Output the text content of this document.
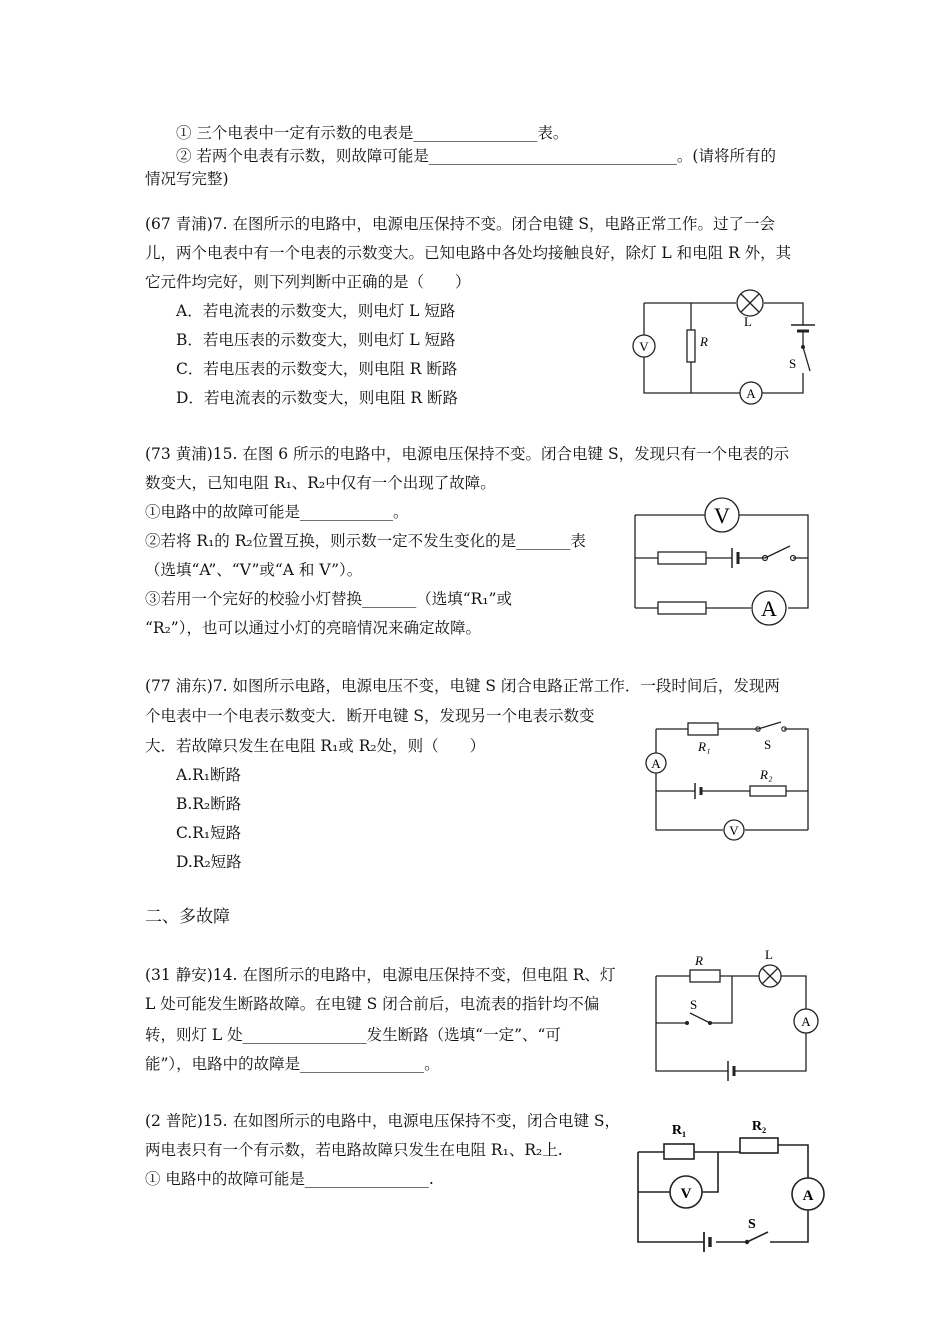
① 三个电表中一定有示数的电表是________________表。
② 若两个电表有示数，则故障可能是________________________________。(请将所有的
情况写完整)
(67 青浦)7. 在图所示的电路中，电源电压保持不变。闭合电键 S，电路正常工作。过了一会
儿，两个电表中有一个电表的示数变大。已知电路中各处均接触良好，除灯 L 和电阻 R 外，其
它元件均完好，则下列判断中正确的是（　　）
A．若电流表的示数变大，则电灯 L 短路
B．若电压表的示数变大，则电灯 L 短路
C．若电压表的示数变大，则电阻 R 断路
D．若电流表的示数变大，则电阻 R 断路
V	R
L
S
A
(73 黄浦)15. 在图 6 所示的电路中，电源电压保持不变。闭合电键 S，发现只有一个电表的示
数变大，已知电阻 R₁、R₂中仅有一个出现了故障。
①电路中的故障可能是____________。
②若将 R₁的 R₂位置互换，则示数一定不发生变化的是_______表
（选填“A”、“V”或“A 和 V”）。
③若用一个完好的校验小灯替换_______（选填“R₁”或
“R₂”），也可以通过小灯的亮暗情况来确定故障。
V
A
(77 浦东)7. 如图所示电路，电源电压不变，电键 S 闭合电路正常工作．一段时间后，发现两
个电表中一个电表示数变大．断开电键 S，发现另一个电表示数变
大．若故障只发生在电阻 R₁或 R₂处，则（　　）
A.R₁断路
B.R₂断路
C.R₁短路
D.R₂短路
R₁	S
A
R₂
V
二、多故障
(31 静安)14. 在图所示的电路中，电源电压保持不变，但电阻 R、灯
L 处可能发生断路故障。在电键 S 闭合前后，电流表的指针均不偏
转，则灯 L 处________________发生断路（选填“一定”、“可
能”），电路中的故障是________________。
R	L
S
A
(2 普陀)15. 在如图所示的电路中，电源电压保持不变，闭合电键 S，
两电表只有一个有示数，若电路故障只发生在电阻 R₁、R₂上.
① 电路中的故障可能是________________.
R₁	R₂
V	A
S
